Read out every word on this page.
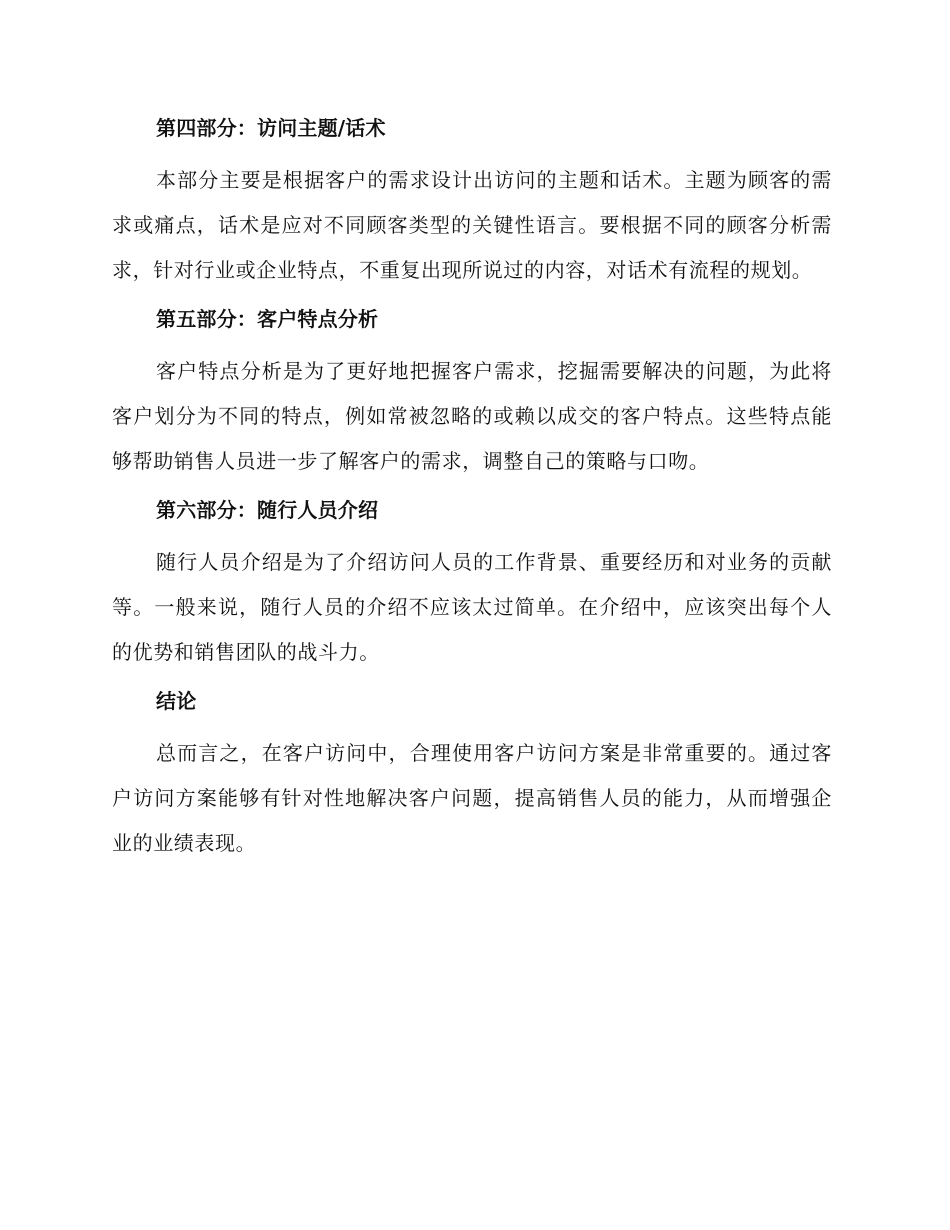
第四部分：访问主题/话术

本部分主要是根据客户的需求设计出访问的主题和话术。主题为顾客的需求或痛点，话术是应对不同顾客类型的关键性语言。要根据不同的顾客分析需求，针对行业或企业特点，不重复出现所说过的内容，对话术有流程的规划。

第五部分：客户特点分析

客户特点分析是为了更好地把握客户需求，挖掘需要解决的问题，为此将客户划分为不同的特点，例如常被忽略的或赖以成交的客户特点。这些特点能够帮助销售人员进一步了解客户的需求，调整自己的策略与口吻。

第六部分：随行人员介绍

随行人员介绍是为了介绍访问人员的工作背景、重要经历和对业务的贡献等。一般来说，随行人员的介绍不应该太过简单。在介绍中，应该突出每个人的优势和销售团队的战斗力。

结论

总而言之，在客户访问中，合理使用客户访问方案是非常重要的。通过客户访问方案能够有针对性地解决客户问题，提高销售人员的能力，从而增强企业的业绩表现。
